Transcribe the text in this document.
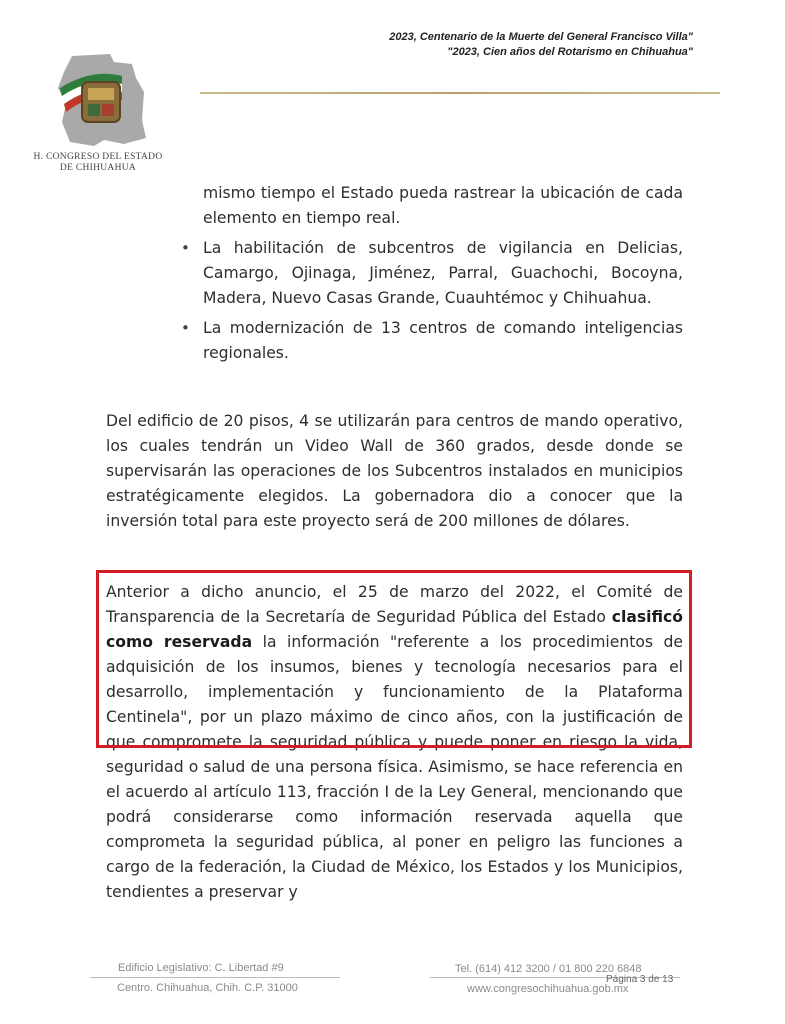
H. CONGRESO DEL ESTADO
DE CHIHUAHUA
2023, Centenario de la Muerte del General Francisco Villa"
"2023, Cien años del Rotarismo en Chihuahua"

mismo tiempo el Estado pueda rastrear la ubicación de cada elemento en tiempo real.

• La habilitación de subcentros de vigilancia en Delicias, Camargo, Ojinaga, Jiménez, Parral, Guachochi, Bocoyna, Madera, Nuevo Casas Grande, Cuauhtémoc y Chihuahua.
• La modernización de 13 centros de comando inteligencias regionales.

Del edificio de 20 pisos, 4 se utilizarán para centros de mando operativo, los cuales tendrán un Video Wall de 360 grados, desde donde se supervisarán las operaciones de los Subcentros instalados en municipios estratégicamente elegidos. La gobernadora dio a conocer que la inversión total para este proyecto será de 200 millones de dólares.

Anterior a dicho anuncio, el 25 de marzo del 2022, el Comité de Transparencia de la Secretaría de Seguridad Pública del Estado clasificó como reservada la información "referente a los procedimientos de adquisición de los insumos, bienes y tecnología necesarios para el desarrollo, implementación y funcionamiento de la Plataforma Centinela", por un plazo máximo de cinco años, con la justificación de que compromete la seguridad pública y puede poner en riesgo la vida, seguridad o salud de una persona física. Asimismo, se hace referencia en el acuerdo al artículo 113, fracción I de la Ley General, mencionando que podrá considerarse como información reservada aquella que comprometa la seguridad pública, al poner en peligro las funciones a cargo de la federación, la Ciudad de México, los Estados y los Municipios, tendientes a preservar y

Edificio Legislativo: C. Libertad #9
Centro. Chihuahua, Chih. C.P. 31000
Tel. (614) 412 3200 / 01 800 220 6848
Página 3 de 13
www.congresochihuahua.gob.mx
